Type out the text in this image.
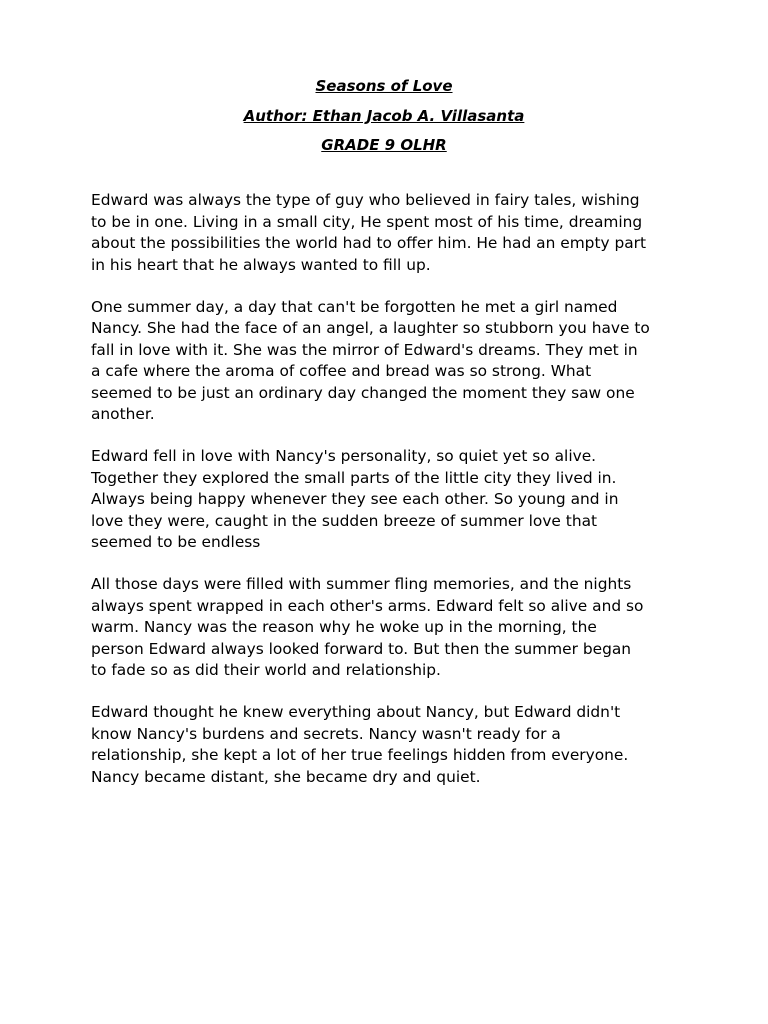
Seasons of Love

Author: Ethan Jacob A. Villasanta

GRADE 9 OLHR

Edward was always the type of guy who believed in fairy tales, wishing
to be in one. Living in a small city, He spent most of his time, dreaming
about the possibilities the world had to offer him. He had an empty part
in his heart that he always wanted to fill up.

One summer day, a day that can't be forgotten he met a girl named
Nancy. She had the face of an angel, a laughter so stubborn you have to
fall in love with it. She was the mirror of Edward's dreams. They met in
a cafe where the aroma of coffee and bread was so strong. What
seemed to be just an ordinary day changed the moment they saw one
another.

Edward fell in love with Nancy's personality, so quiet yet so alive.
Together they explored the small parts of the little city they lived in.
Always being happy whenever they see each other. So young and in
love they were, caught in the sudden breeze of summer love that
seemed to be endless

All those days were filled with summer fling memories, and the nights
always spent wrapped in each other's arms. Edward felt so alive and so
warm. Nancy was the reason why he woke up in the morning, the
person Edward always looked forward to. But then the summer began
to fade so as did their world and relationship.

Edward thought he knew everything about Nancy, but Edward didn't
know Nancy's burdens and secrets. Nancy wasn't ready for a
relationship, she kept a lot of her true feelings hidden from everyone.
Nancy became distant, she became dry and quiet.
